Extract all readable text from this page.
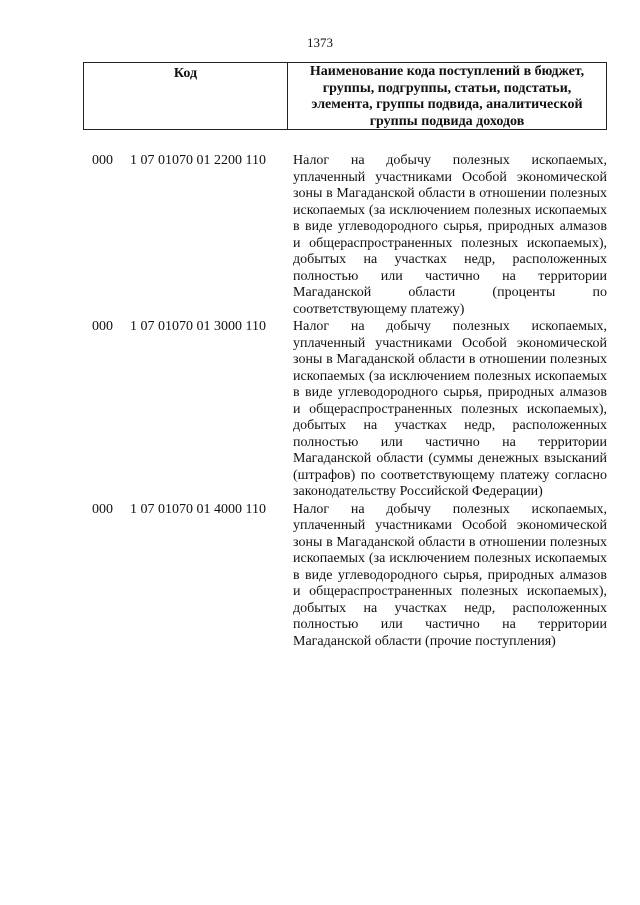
1373
Код	Наименование кода поступлений в бюджет, группы, подгруппы, статьи, подстатьи, элемента, группы подвида, аналитической группы подвида доходов
000	1 07 01070 01 2200 110	Налог на добычу полезных ископаемых, уплаченный участниками Особой экономической зоны в Магаданской области в отношении полезных ископаемых (за исключением полезных ископаемых в виде углеводородного сырья, природных алмазов и общераспространенных полезных ископаемых), добытых на участках недр, расположенных полностью или частично на территории Магаданской области (проценты по соответствующему платежу)
000	1 07 01070 01 3000 110	Налог на добычу полезных ископаемых, уплаченный участниками Особой экономической зоны в Магаданской области в отношении полезных ископаемых (за исключением полезных ископаемых в виде углеводородного сырья, природных алмазов и общераспространенных полезных ископаемых), добытых на участках недр, расположенных полностью или частично на территории Магаданской области (суммы денежных взысканий (штрафов) по соответствующему платежу согласно законодательству Российской Федерации)
000	1 07 01070 01 4000 110	Налог на добычу полезных ископаемых, уплаченный участниками Особой экономической зоны в Магаданской области в отношении полезных ископаемых (за исключением полезных ископаемых в виде углеводородного сырья, природных алмазов и общераспространенных полезных ископаемых), добытых на участках недр, расположенных полностью или частично на территории Магаданской области (прочие поступления)
